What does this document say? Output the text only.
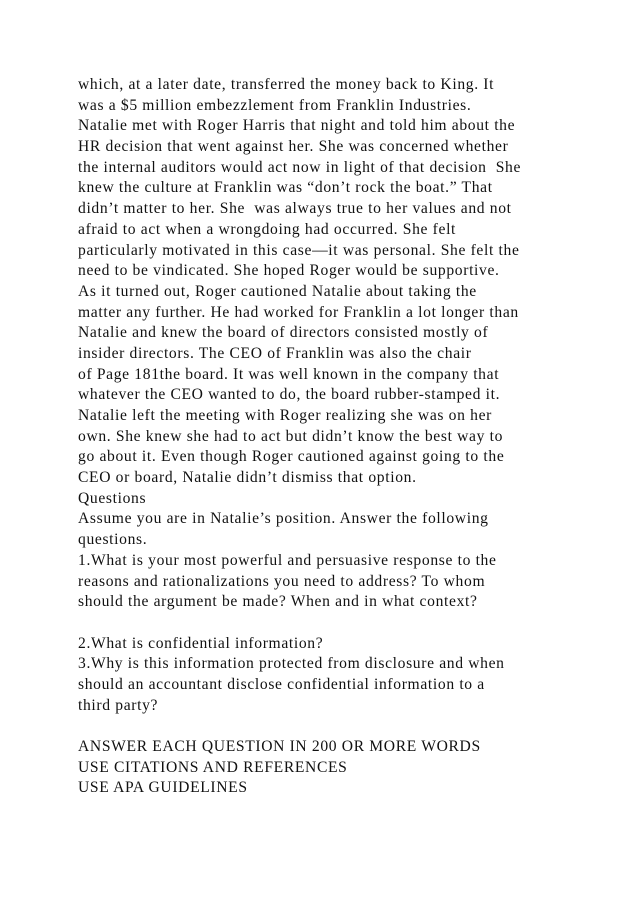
which, at a later date, transferred the money back to King. It
was a $5 million embezzlement from Franklin Industries.
Natalie met with Roger Harris that night and told him about the
HR decision that went against her. She was concerned whether
the internal auditors would act now in light of that decision  She
knew the culture at Franklin was “don’t rock the boat.” That
didn’t matter to her. She  was always true to her values and not
afraid to act when a wrongdoing had occurred. She felt
particularly motivated in this case—it was personal. She felt the
need to be vindicated. She hoped Roger would be supportive.
As it turned out, Roger cautioned Natalie about taking the
matter any further. He had worked for Franklin a lot longer than
Natalie and knew the board of directors consisted mostly of
insider directors. The CEO of Franklin was also the chair
of Page 181the board. It was well known in the company that
whatever the CEO wanted to do, the board rubber-stamped it.
Natalie left the meeting with Roger realizing she was on her
own. She knew she had to act but didn’t know the best way to
go about it. Even though Roger cautioned against going to the
CEO or board, Natalie didn’t dismiss that option.
Questions
Assume you are in Natalie’s position. Answer the following
questions.
1.What is your most powerful and persuasive response to the
reasons and rationalizations you need to address? To whom
should the argument be made? When and in what context?
2.What is confidential information?
3.Why is this information protected from disclosure and when
should an accountant disclose confidential information to a
third party?
ANSWER EACH QUESTION IN 200 OR MORE WORDS
USE CITATIONS AND REFERENCES
USE APA GUIDELINES
